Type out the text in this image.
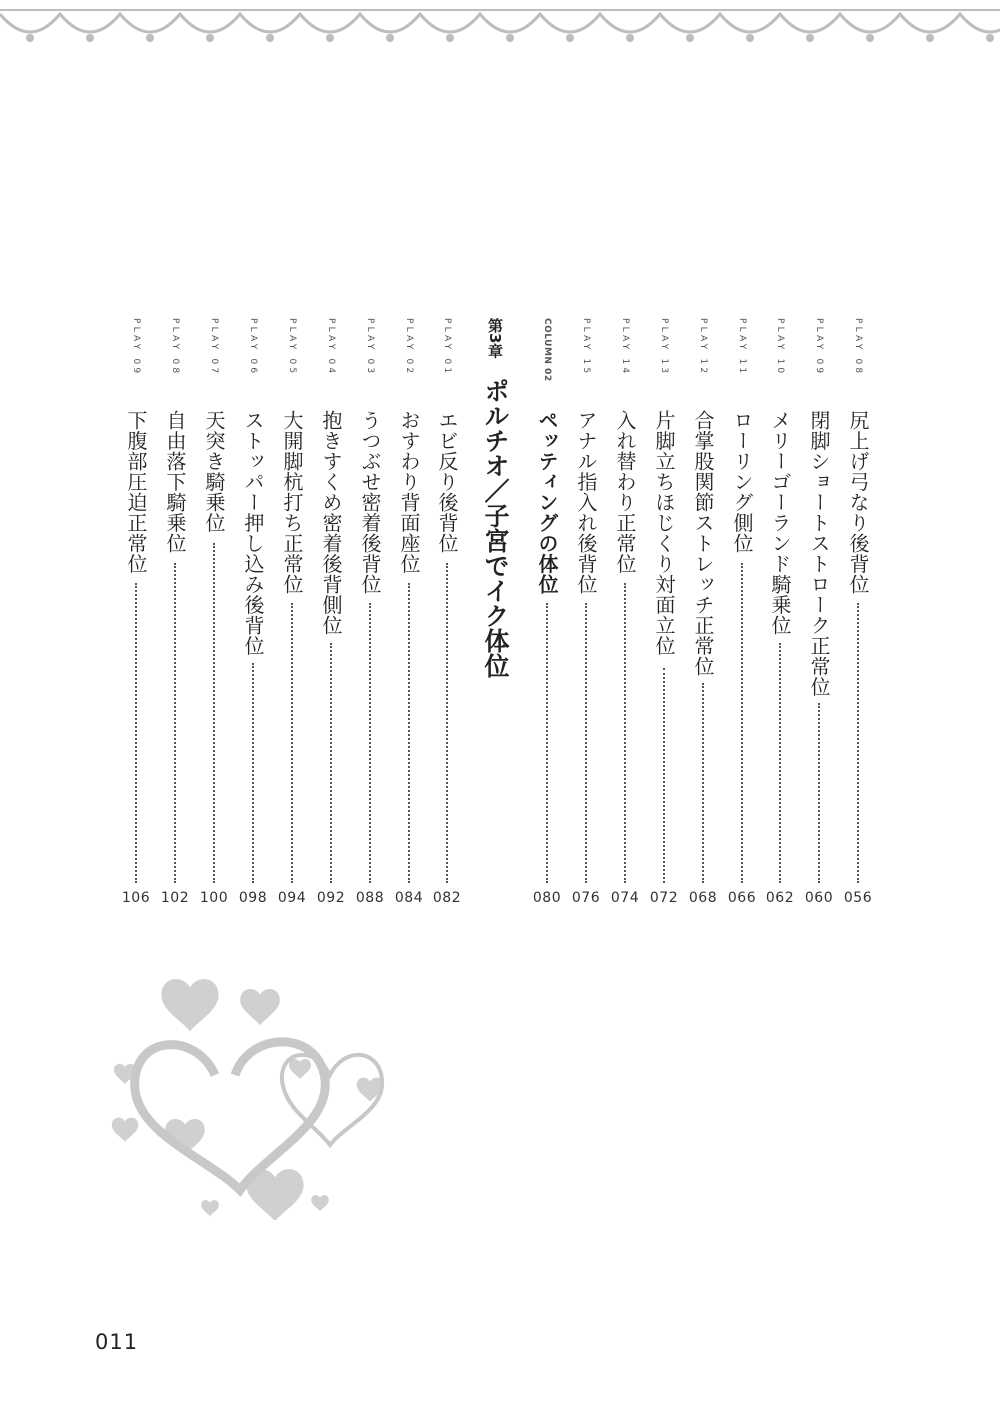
PLAY 08
尻上げ弓なり後背位
056
PLAY 09
閉脚ショートストローク正常位
060
PLAY 10
メリーゴーランド騎乗位
062
PLAY 11
ローリング側位
066
PLAY 12
合掌股関節ストレッチ正常位
068
PLAY 13
片脚立ちほじくり対面立位
072
PLAY 14
入れ替わり正常位
074
PLAY 15
アナル指入れ後背位
076
COLUMN 02
ペッティングの体位
080
第3章
ポルチオ／子宮でイク体位
PLAY 01
エビ反り後背位
082
PLAY 02
おすわり背面座位
084
PLAY 03
うつぶせ密着後背位
088
PLAY 04
抱きすくめ密着後背側位
092
PLAY 05
大開脚杭打ち正常位
094
PLAY 06
ストッパー押し込み後背位
098
PLAY 07
天突き騎乗位
100
PLAY 08
自由落下騎乗位
102
PLAY 09
下腹部圧迫正常位
106
011
